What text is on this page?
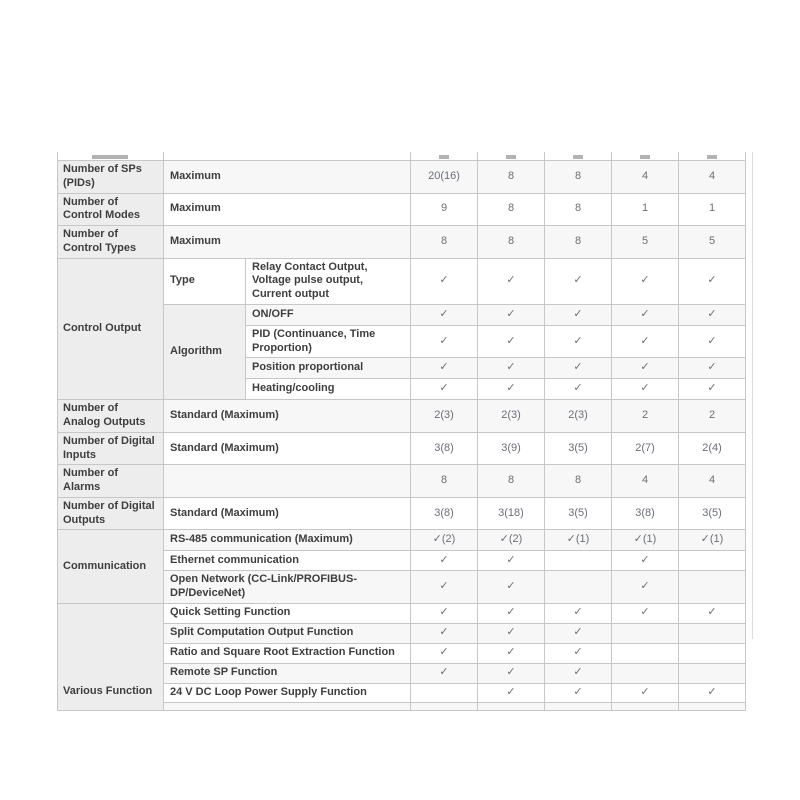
Number of SPs (PIDs)	Maximum		20(16)	8	8	4	4
Number of Control Modes	Maximum		9	8	8	1	1
Number of Control Types	Maximum		8	8	8	5	5
Control Output	Type	Relay Contact Output, Voltage pulse output, Current output	✓	✓	✓	✓	✓
	Algorithm	ON/OFF	✓	✓	✓	✓	✓
		PID (Continuance, Time Proportion)	✓	✓	✓	✓	✓
		Position proportional	✓	✓	✓	✓	✓
		Heating/cooling	✓	✓	✓	✓	✓
Number of Analog Outputs	Standard (Maximum)		2(3)	2(3)	2(3)	2	2
Number of Digital Inputs	Standard (Maximum)		3(8)	3(9)	3(5)	2(7)	2(4)
Number of Alarms			8	8	8	4	4
Number of Digital Outputs	Standard (Maximum)		3(8)	3(18)	3(5)	3(8)	3(5)
Communication	RS-485 communication (Maximum)		✓(2)	✓(2)	✓(1)	✓(1)	✓(1)
	Ethernet communication		✓	✓		✓	
	Open Network (CC-Link/PROFIBUS-DP/DeviceNet)		✓	✓		✓	
Various Function	Quick Setting Function		✓	✓	✓	✓	✓
	Split Computation Output Function		✓	✓	✓		
	Ratio and Square Root Extraction Function		✓	✓	✓		
	Remote SP Function		✓	✓	✓		
	24 V DC Loop Power Supply Function			✓	✓	✓	✓
